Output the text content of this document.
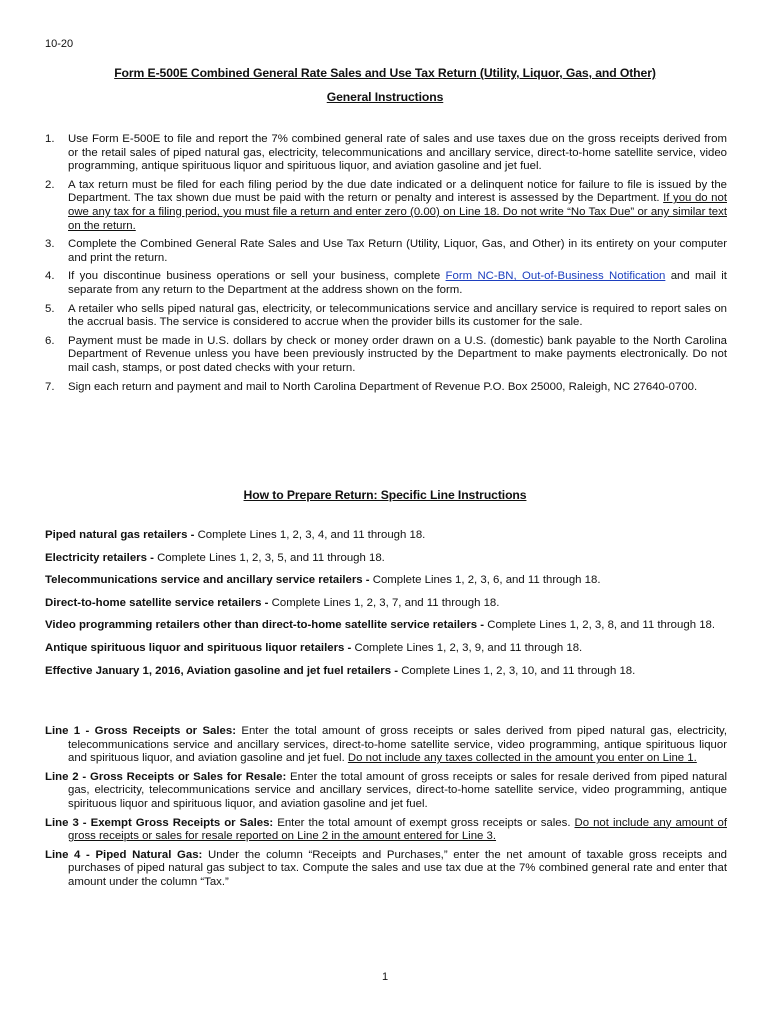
10-20
Form E-500E Combined General Rate Sales and Use Tax Return (Utility, Liquor, Gas, and Other)
General Instructions
1. Use Form E-500E to file and report the 7% combined general rate of sales and use taxes due on the gross receipts derived from or the retail sales of piped natural gas, electricity, telecommunications and ancillary service, direct-to-home satellite service, video programming, antique spirituous liquor and spirituous liquor, and aviation gasoline and jet fuel.
2. A tax return must be filed for each filing period by the due date indicated or a delinquent notice for failure to file is issued by the Department. The tax shown due must be paid with the return or penalty and interest is assessed by the Department. If you do not owe any tax for a filing period, you must file a return and enter zero (0.00) on Line 18. Do not write “No Tax Due” or any similar text on the return.
3. Complete the Combined General Rate Sales and Use Tax Return (Utility, Liquor, Gas, and Other) in its entirety on your computer and print the return.
4. If you discontinue business operations or sell your business, complete Form NC-BN, Out-of-Business Notification and mail it separate from any return to the Department at the address shown on the form.
5. A retailer who sells piped natural gas, electricity, or telecommunications service and ancillary service is required to report sales on the accrual basis. The service is considered to accrue when the provider bills its customer for the sale.
6. Payment must be made in U.S. dollars by check or money order drawn on a U.S. (domestic) bank payable to the North Carolina Department of Revenue unless you have been previously instructed by the Department to make payments electronically. Do not mail cash, stamps, or post dated checks with your return.
7. Sign each return and payment and mail to North Carolina Department of Revenue P.O. Box 25000, Raleigh, NC 27640-0700.
How to Prepare Return: Specific Line Instructions
Piped natural gas retailers - Complete Lines 1, 2, 3, 4, and 11 through 18.
Electricity retailers - Complete Lines 1, 2, 3, 5, and 11 through 18.
Telecommunications service and ancillary service retailers - Complete Lines 1, 2, 3, 6, and 11 through 18.
Direct-to-home satellite service retailers - Complete Lines 1, 2, 3, 7, and 11 through 18.
Video programming retailers other than direct-to-home satellite service retailers - Complete Lines 1, 2, 3, 8, and 11 through 18.
Antique spirituous liquor and spirituous liquor retailers - Complete Lines 1, 2, 3, 9, and 11 through 18.
Effective January 1, 2016, Aviation gasoline and jet fuel retailers - Complete Lines 1, 2, 3, 10, and 11 through 18.
Line 1 - Gross Receipts or Sales: Enter the total amount of gross receipts or sales derived from piped natural gas, electricity, telecommunications service and ancillary services, direct-to-home satellite service, video programming, antique spirituous liquor and spirituous liquor, and aviation gasoline and jet fuel. Do not include any taxes collected in the amount you enter on Line 1.
Line 2 - Gross Receipts or Sales for Resale: Enter the total amount of gross receipts or sales for resale derived from piped natural gas, electricity, telecommunications service and ancillary services, direct-to-home satellite service, video programming, antique spirituous liquor and spirituous liquor, and aviation gasoline and jet fuel.
Line 3 - Exempt Gross Receipts or Sales: Enter the total amount of exempt gross receipts or sales. Do not include any amount of gross receipts or sales for resale reported on Line 2 in the amount entered for Line 3.
Line 4 - Piped Natural Gas: Under the column “Receipts and Purchases,” enter the net amount of taxable gross receipts and purchases of piped natural gas subject to tax. Compute the sales and use tax due at the 7% combined general rate and enter that amount under the column “Tax.”
1
